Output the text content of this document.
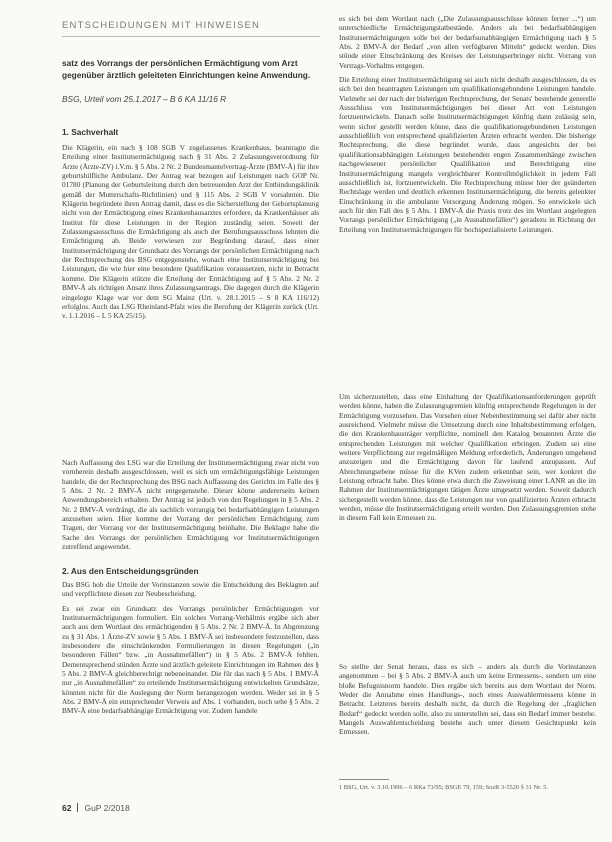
ENTSCHEIDUNGEN MIT HINWEISEN
satz des Vorrangs der persönlichen Ermächtigung vom Arzt gegenüber ärztlich geleiteten Einrichtungen keine Anwendung.
BSG, Urteil vom 25.1.2017 – B 6 KA 11/16 R
1. Sachverhalt

Die Klägerin, ein nach § 108 SGB V zugelassenes Krankenhaus, beantragte die Erteilung einer Institutsermächtigung nach § 31 Abs. 2 Zulassungsverordnung für Ärzte (Ärzte-ZV) i.V.m. § 5 Abs. 2 Nr. 2 Bundesmantelvertrag-Ärzte (BMV-Ä) für ihre geburtshilfliche Ambulanz. Der Antrag war bezogen auf Leistungen nach GOP Nr. 01780 (Planung der Geburtsleitung durch den betreuenden Arzt der Entbindungsklinik gemäß der Mutterschafts-Richtlinien) und § 115 Abs. 2 SGB V vorsahnten. Die Klägerin begründete ihren Antrag damit, dass es die Sicherstellung der Geburtsplanung nicht von der Ermächtigung eines Krankenhausarztes erfordere, da Krankenhäuser als Institut für diese Leistungen in der Region zuständig seien. Soweit der Zulassungsausschuss die Ermächtigung als auch der Berufungsausschuss lehnten die Ermächtigung ab. Beide verwiesen zur Begründung darauf, dass einer Institutsermächtigung der Grundsatz des Vorrangs der persönlichen Ermächtigung nach der Rechtsprechung des BSG entgegenstehe, wonach eine Institutsermächtigung bei Leistungen, die wie hier eine besondere Qualifikation voraussetzen, nicht in Betracht komme. Die Klägerin stützte die Erteilung der Ermächtigung auf § 5 Abs. 2 Nr. 2 BMV-Ä als richtigen Ansatz ihres Zulassungsantrags. Die dagegen durch die Klägerin eingelegte Klage war vor dem SG Mainz (Urt. v. 28.1.2015 – S 8 KA 116/12) erfolglos. Auch das LSG Rheinland-Pfalz wies die Berufung der Klägerin zurück (Urt. v. 1.1.2016 – L 5 KA 25/15).

Nach Auffassung des LSG war die Erteilung der Institutsermächtigung zwar nicht von vornherein deshalb ausgeschlossen, weil es sich um ermächtigungsfähige Leistungen handele, die der Rechtsprechung des BSG nach Auffassung des Gerichts im Falle des § 5 Abs. 2 Nr. 2 BMV-Ä nicht entgegenstehe. Dieser könne andererseits keinen Anwendungsbereich erhalten. Der Antrag ist jedoch von den Regelungen in § 5 Abs. 2 Nr. 2 BMV-Ä verdrängt, die als sachlich vorrangig bei bedarfsabhängigen Leistungen anzusehen seien. Hier komme der Vorrang der persönlichen Ermächtigung zum Tragen, der Vorrang vor der Institutsermächtigung beinhalte. Die Beklagte habe die Sache des Vorrangs der persönlichen Ermächtigung vor Institutsermächtigungen zutreffend angewendet.

2. Aus den Entscheidungsgründen

Das BSG hob die Urteile der Vorinstanzen sowie die Entscheidung des Beklagten auf und verpflichtete diesen zur Neubescheidung.

Es sei zwar ein Grundsatz des Vorrangs persönlicher Ermächtigungen vor Institutsermächtigungen formuliert. Ein solches Vorrang-Verhältnis ergäbe sich aber auch aus dem Wortlaut des ermächtigenden § 5 Abs. 2 Nr. 2 BMV-Ä. In Abgrenzung zu § 31 Abs. 1 Ärzte-ZV sowie § 5 Abs. 1 BMV-Ä sei insbesondere festzustellen, dass insbesondere die einschränkenden Formulierungen in diesen Regelungen („in besonderen Fällen“ bzw. „in Ausnahmefällen“) in § 5 Abs. 2 BMV-Ä fehlten. Dementsprechend stünden Ärzte und ärztlich geleitete Einrichtungen im Rahmen des § 5 Abs. 2 BMV-Ä gleichberechtigt nebeneinander. Die für das nach § 5 Abs. 1 BMV-Ä nur „in Ausnahmefällen“ zu erteilende Institutsermächtigung entwickelten Grundsätze, könnten nicht für die Auslegung der Norm herangezogen werden. Weder sei in § 5 Abs. 2 BMV-Ä ein entsprechender Verweis auf Abs. 1 vorhanden, noch sehe § 5 Abs. 2 BMV-Ä eine bedarfsabhängige Ermächtigung vor. Zudem handele

es sich bei dem Wortlaut nach („Die Zulassungsausschüsse können ferner ...“) um unterschiedliche Ermächtigungstatbestände. Anders als bei bedarfsabhängigen Institutsermächtigungen solle bei der bedarfsunabhängigen Ermächtigung nach § 5 Abs. 2 BMV-Ä der Bedarf „von allen verfügbaren Mitteln“ gedeckt werden. Dies stünde einer Einschränkung des Kreises der Leistungserbringer nicht. Vorrang von Vertrags-Vorhaltns entgegen.

Die Erteilung einer Institutsermächtigung sei auch nicht deshalb ausgeschlossen, da es sich bei den beantragten Leistungen um qualifikationsgebundene Leistungen handele. Vielmehr sei der nach der bisherigen Rechtsprechung, der Senats' bestehende generelle Ausschluss von Institutsermächtigungen bei dieser Art von Leistungen fortzuentwickeln. Danach solle Institutsermächtigungen künftig dann zulässig sein, wenn sicher gestellt werden könne, dass die qualifikationsgebundenen Leistungen ausschließlich von entsprechend qualifizierten Ärzten erbracht werden. Die bisherige Rechtsprechung, die diese begründet wurde, dass angesichts der bei qualifikationsabhängigen Leistungen bestehenden engen Zusammenhänge zwischen nachgewiesener persönlicher Qualifikation und Berechtigung eine Institutsermächtigung mangels vergleichbarer Kontrollmöglichkeit in jedem Fall ausschließlich ist, fortzuentwickeln. Die Rechtsprechung müsse hier der geänderten Rechtslage werden und deutlich erkennen Institutsermächtigung, die bereits gelenkter Einschränkung in die ambulante Versorgung Änderung mögen. So entwickele sich auch für den Fall des § 5 Abs. 1 BMV-Ä die Praxis trotz des im Wortlaut angelegten Vorrangs persönlicher Ermächtigung („in Ausnahmefällen“) geradezu in Richtung der Erteilung von Institutsermächtigungen für hochspezialisierte Leistungen.

Um sicherzustellen, dass eine Einhaltung der Qualifikationsanforderungen geprüft werden könne, haben die Zulassungsgremien künftig entsprechende Regelungen in der Ermächtigung vorzusehen. Das Vorsehen einer Nebenbestimmung sei dafür aber nicht ausreichend. Vielmehr müsse die Umsetzung durch eine Inhaltsbestimmung erfolgen, die den Krankenhausträger verpflichte, nominell den Katalog benannten Ärzte die entsprechenden Leistungen mit welcher Qualifikation erbringen. Zudem sei eine weitere Verpflichtung zur regelmäßigen Meldung erforderlich, Änderungen umgehend anzuzeigen und die Ermächtigung davon für laufend anzupassen. Auf Abrechnungsebene müsse für die KVen zudem erkennbar sein, wer konkret die Leistung erbracht habe. Dies könne etwa durch die Zuweisung einer LANR an die im Rahmen der Institutsermächtigungen tätigen Ärzte umgesetzt werden. Soweit dadurch sichergestellt werden könne, dass die Leistungen nur von qualifizierten Ärzten erbracht werden, müsse die Institutsermächtigung erteilt werden. Den Zulassungsgremien stehe in diesem Fall kein Ermessen zu.

So stellte der Senat heraus, dass es sich – anders als durch die Vorinstanzen angenommen – bei § 5 Abs. 2 BMV-Ä auch um keine Ermessens-, sondern um eine bloße Befugnisnorm handele. Dies ergäbe sich bereits aus dem Wortlaut der Norm. Weder die Annahme eines Handlungs-, noch eines Auswahlermessens könne in Betracht. Letzteres bereits deshalb nicht, da durch die Regelung der „fraglichen Bedarf“ gedeckt werden solle, also zu unterstellen sei, dass ein Bedarf immer bestehe. Mangels Auswahlentscheidung bestehe auch unter diesem Gesichtspunkt kein Ermessen.

1 BSG, Urt. v. 3.10.1996 – 6 RKa 73/95; BSGE 79, 159; SozR 3-5520 § 31 Nr. 5.
62 GuP 2/2018
